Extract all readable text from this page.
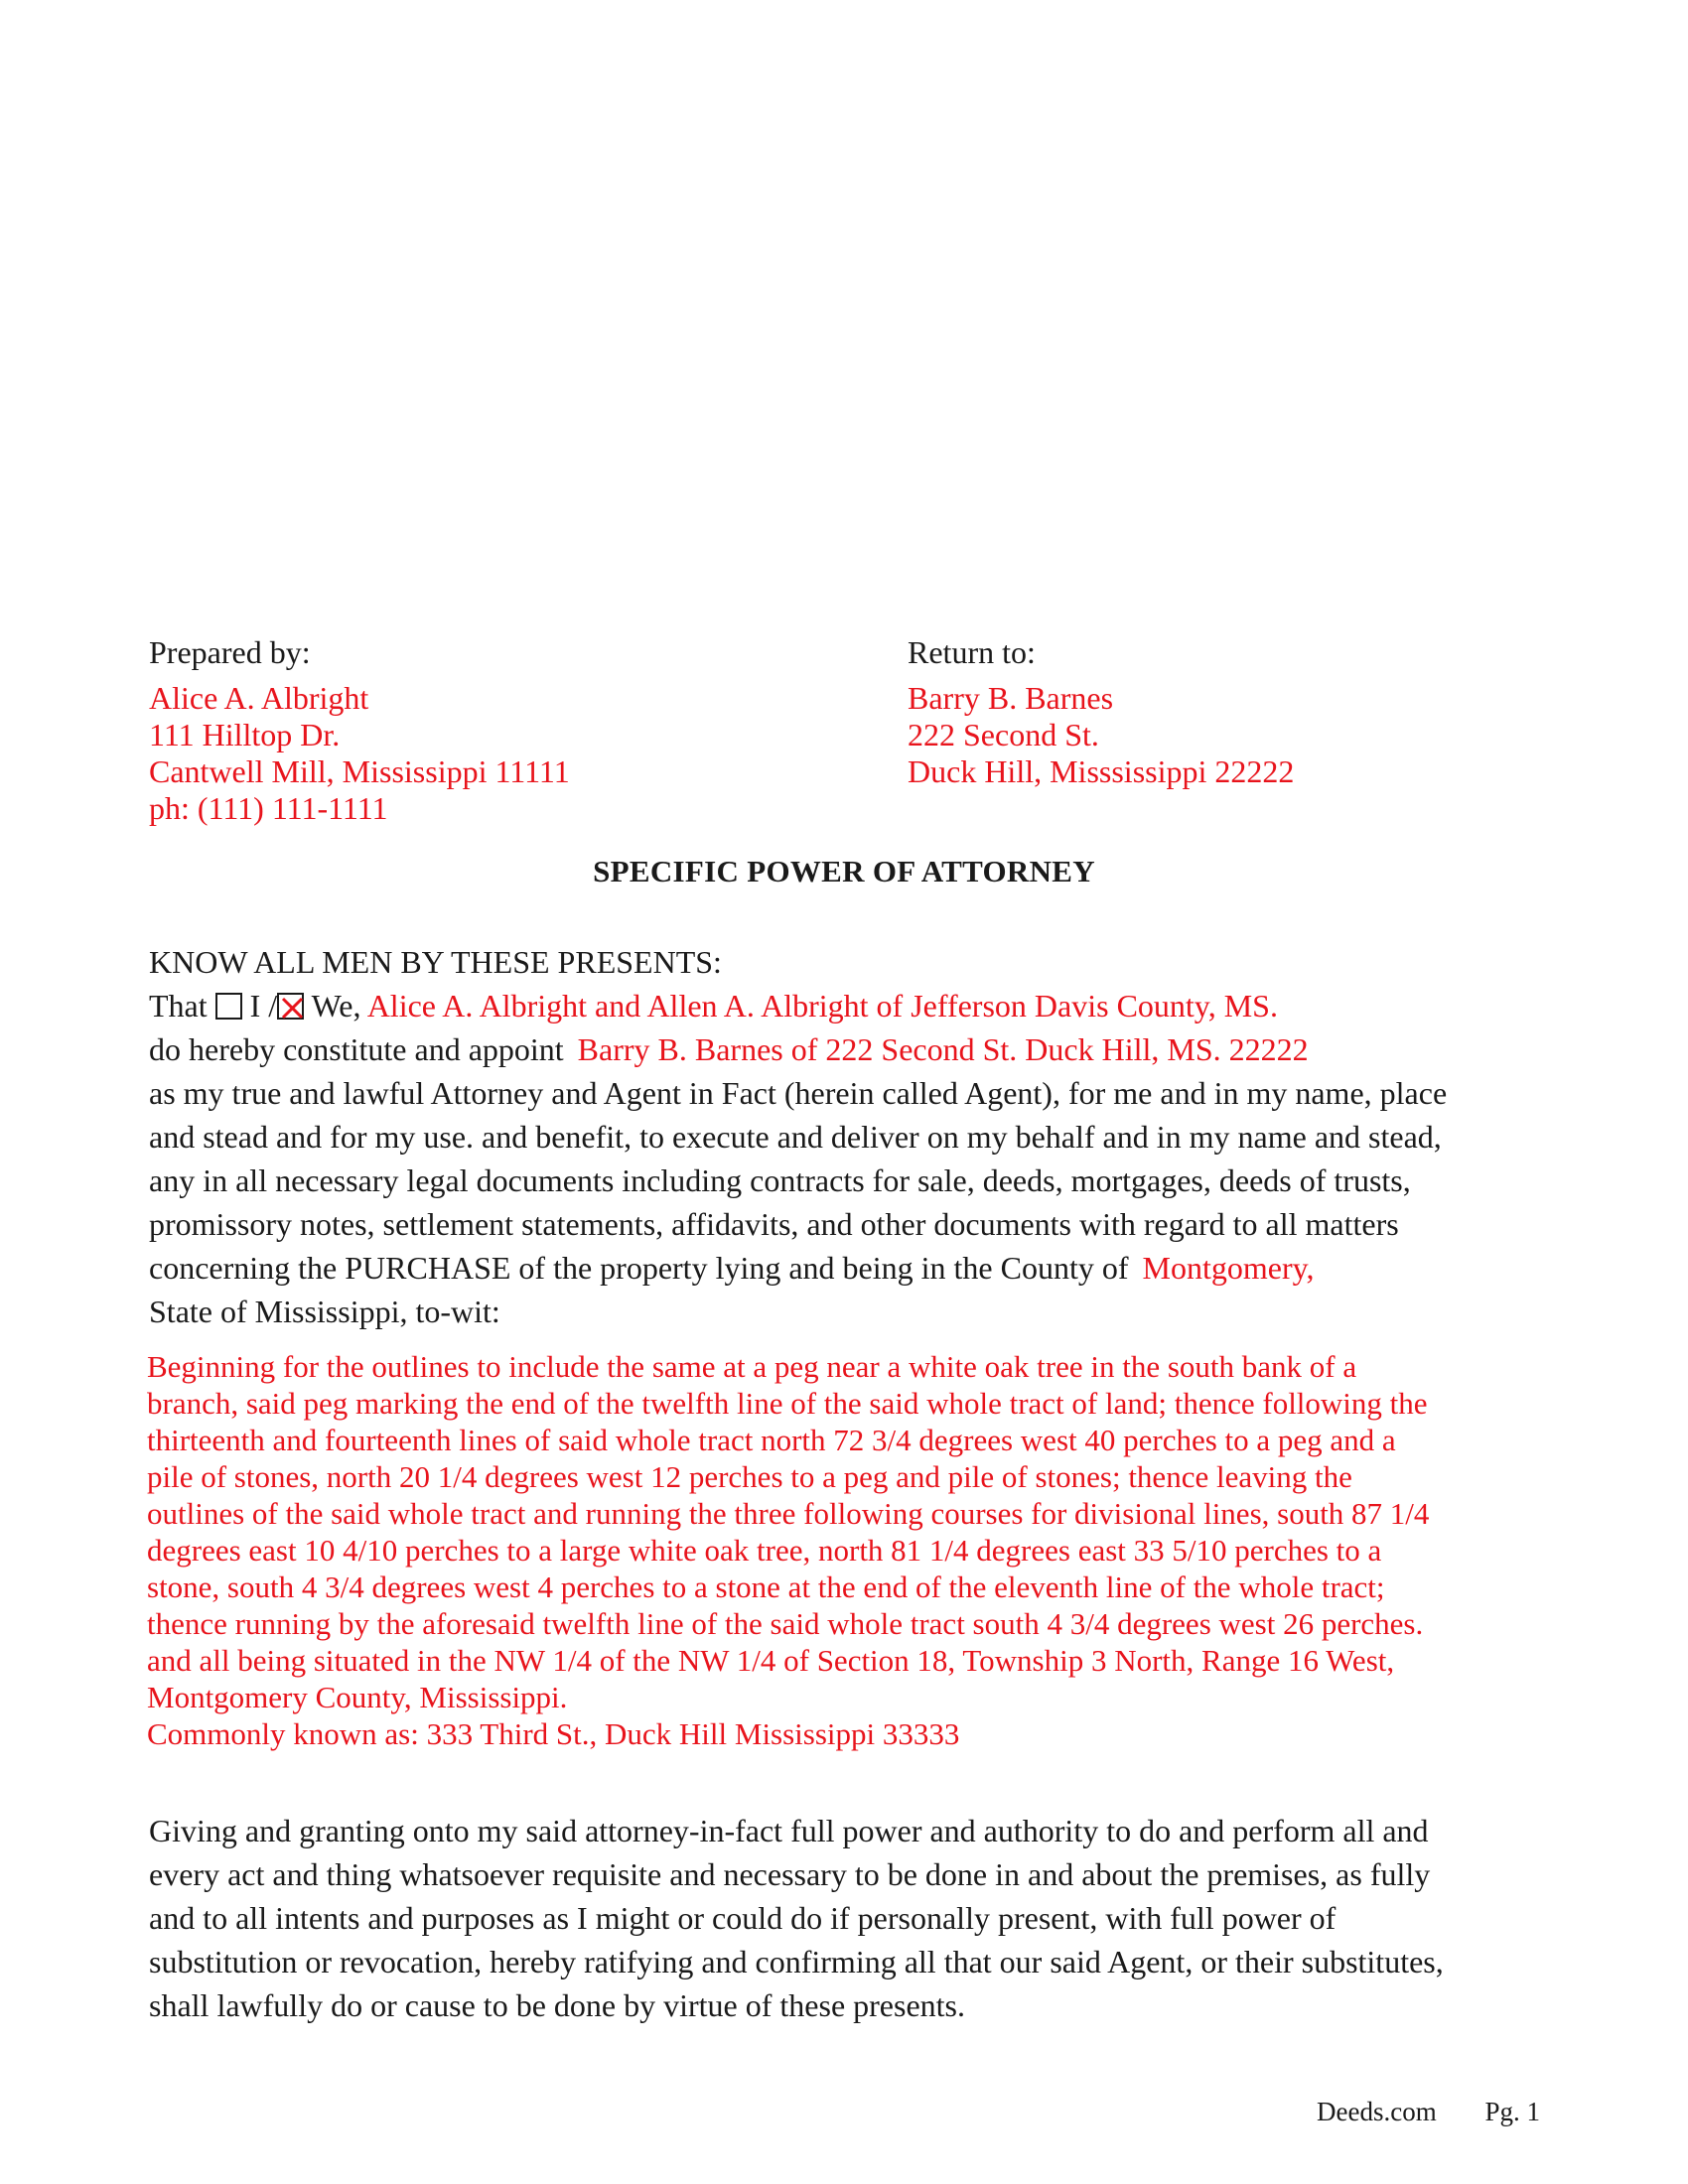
Prepared by:
Alice A. Albright
111 Hilltop Dr.
Cantwell Mill, Mississippi 11111
ph: (111) 111-1111
Return to:
Barry B. Barnes
222 Second St.
Duck Hill, Misssissippi 22222
SPECIFIC POWER OF ATTORNEY
KNOW ALL MEN BY THESE PRESENTS:
That I / We, Alice A. Albright and Allen A. Albright of Jefferson Davis County, MS.
do hereby constitute and appoint Barry B. Barnes of 222 Second St. Duck Hill, MS. 22222
as my true and lawful Attorney and Agent in Fact (herein called Agent), for me and in my name, place
and stead and for my use. and benefit, to execute and deliver on my behalf and in my name and stead,
any in all necessary legal documents including contracts for sale, deeds, mortgages, deeds of trusts,
promissory notes, settlement statements, affidavits, and other documents with regard to all matters
concerning the PURCHASE of the property lying and being in the County of Montgomery,
State of Mississippi, to-wit:
Beginning for the outlines to include the same at a peg near a white oak tree in the south bank of a
branch, said peg marking the end of the twelfth line of the said whole tract of land; thence following the
thirteenth and fourteenth lines of said whole tract north 72 3/4 degrees west 40 perches to a peg and a
pile of stones, north 20 1/4 degrees west 12 perches to a peg and pile of stones; thence leaving the
outlines of the said whole tract and running the three following courses for divisional lines, south 87 1/4
degrees east 10 4/10 perches to a large white oak tree, north 81 1/4 degrees east 33 5/10 perches to a
stone, south 4 3/4 degrees west 4 perches to a stone at the end of the eleventh line of the whole tract;
thence running by the aforesaid twelfth line of the said whole tract south 4 3/4 degrees west 26 perches.
and all being situated in the NW 1/4 of the NW 1/4 of Section 18, Township 3 North, Range 16 West,
Montgomery County, Mississippi.
Commonly known as: 333 Third St., Duck Hill Mississippi 33333
Giving and granting onto my said attorney-in-fact full power and authority to do and perform all and
every act and thing whatsoever requisite and necessary to be done in and about the premises, as fully
and to all intents and purposes as I might or could do if personally present, with full power of
substitution or revocation, hereby ratifying and confirming all that our said Agent, or their substitutes,
shall lawfully do or cause to be done by virtue of these presents.
Deeds.com Pg. 1
